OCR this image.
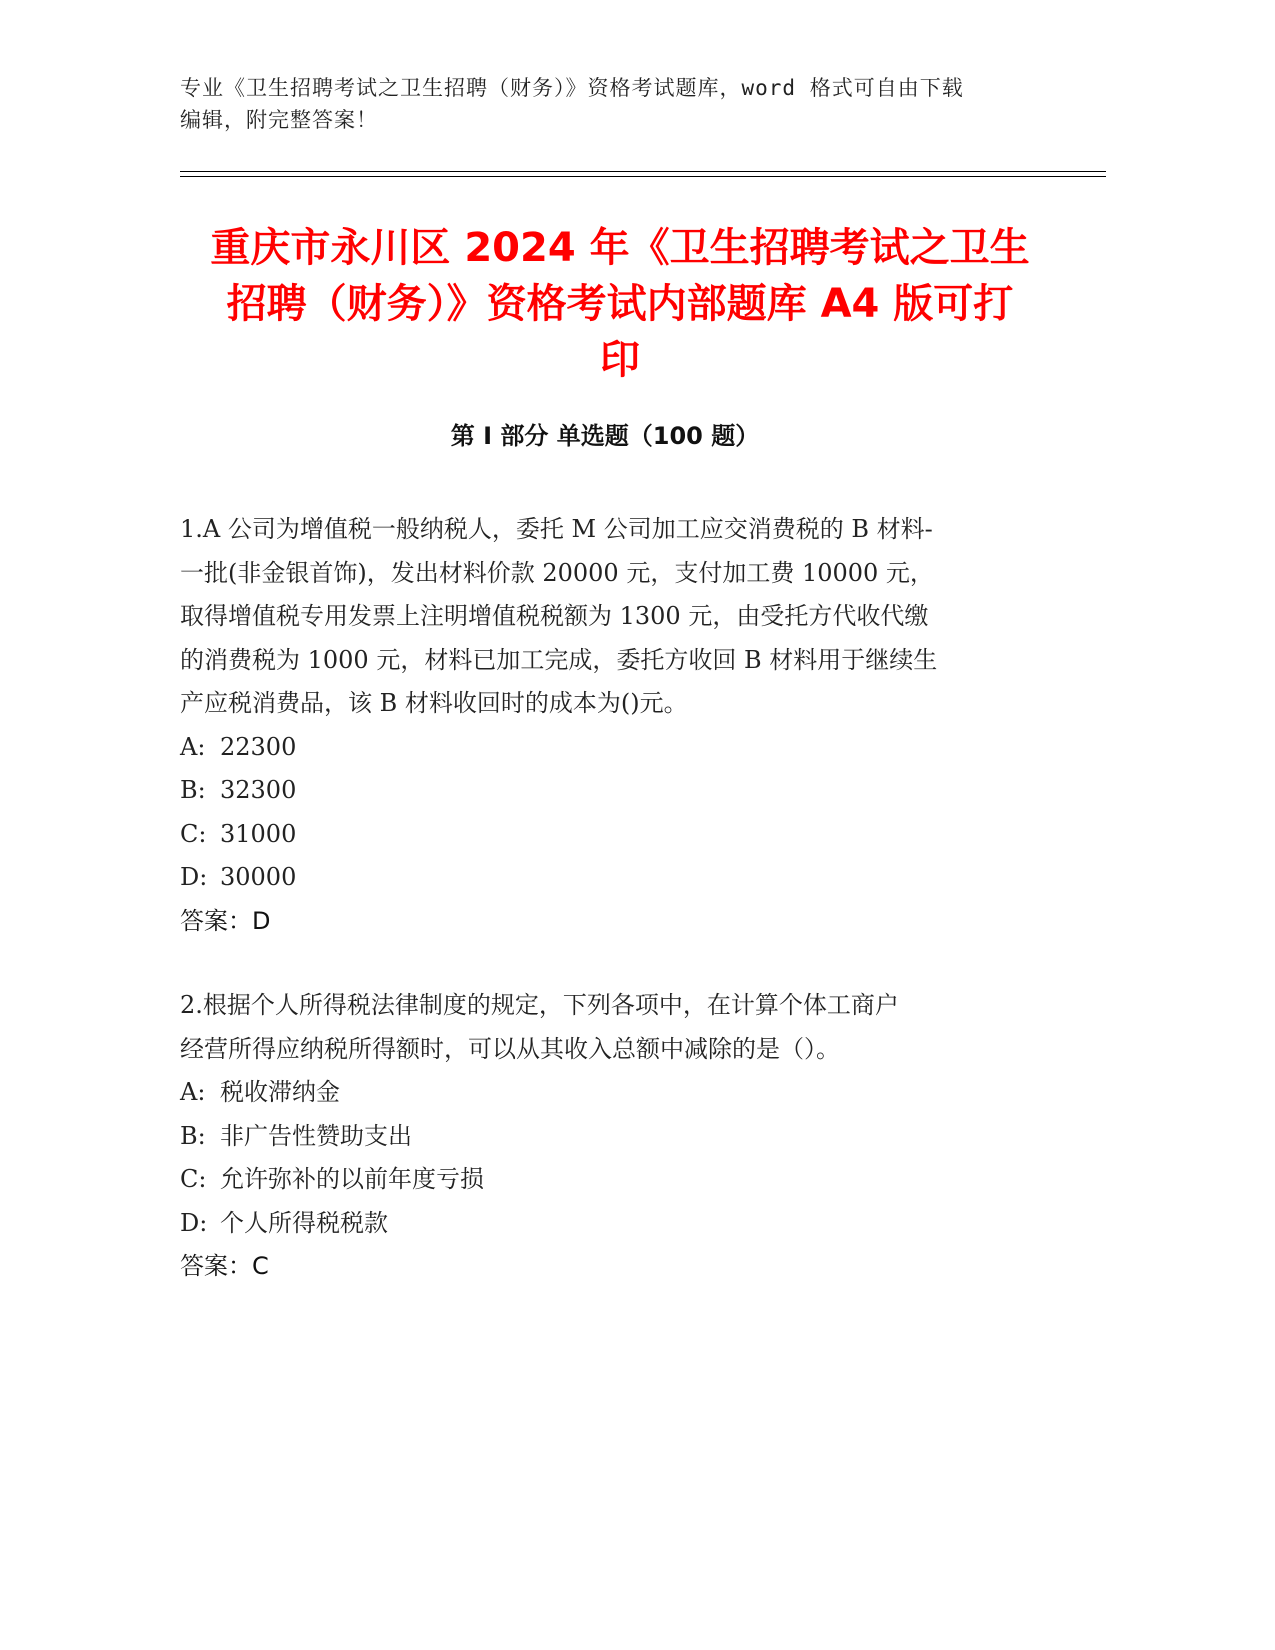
专业《卫生招聘考试之卫生招聘（财务）》资格考试题库，word 格式可自由下载
编辑，附完整答案！
重庆市永川区 2024 年《卫生招聘考试之卫生
招聘（财务）》资格考试内部题库 A4 版可打
印
第 I 部分 单选题（100 题）
1.A 公司为增值税一般纳税人，委托 M 公司加工应交消费税的 B 材料-
一批(非金银首饰)，发出材料价款 20000 元，支付加工费 10000 元，
取得增值税专用发票上注明增值税税额为 1300 元，由受托方代收代缴
的消费税为 1000 元，材料已加工完成，委托方收回 B 材料用于继续生
产应税消费品，该 B 材料收回时的成本为()元。
A: 22300
B: 32300
C: 31000
D: 30000
答案：D
2.根据个人所得税法律制度的规定，下列各项中，在计算个体工商户
经营所得应纳税所得额时，可以从其收入总额中减除的是（）。
A: 税收滞纳金
B: 非广告性赞助支出
C: 允许弥补的以前年度亏损
D: 个人所得税税款
答案：C
